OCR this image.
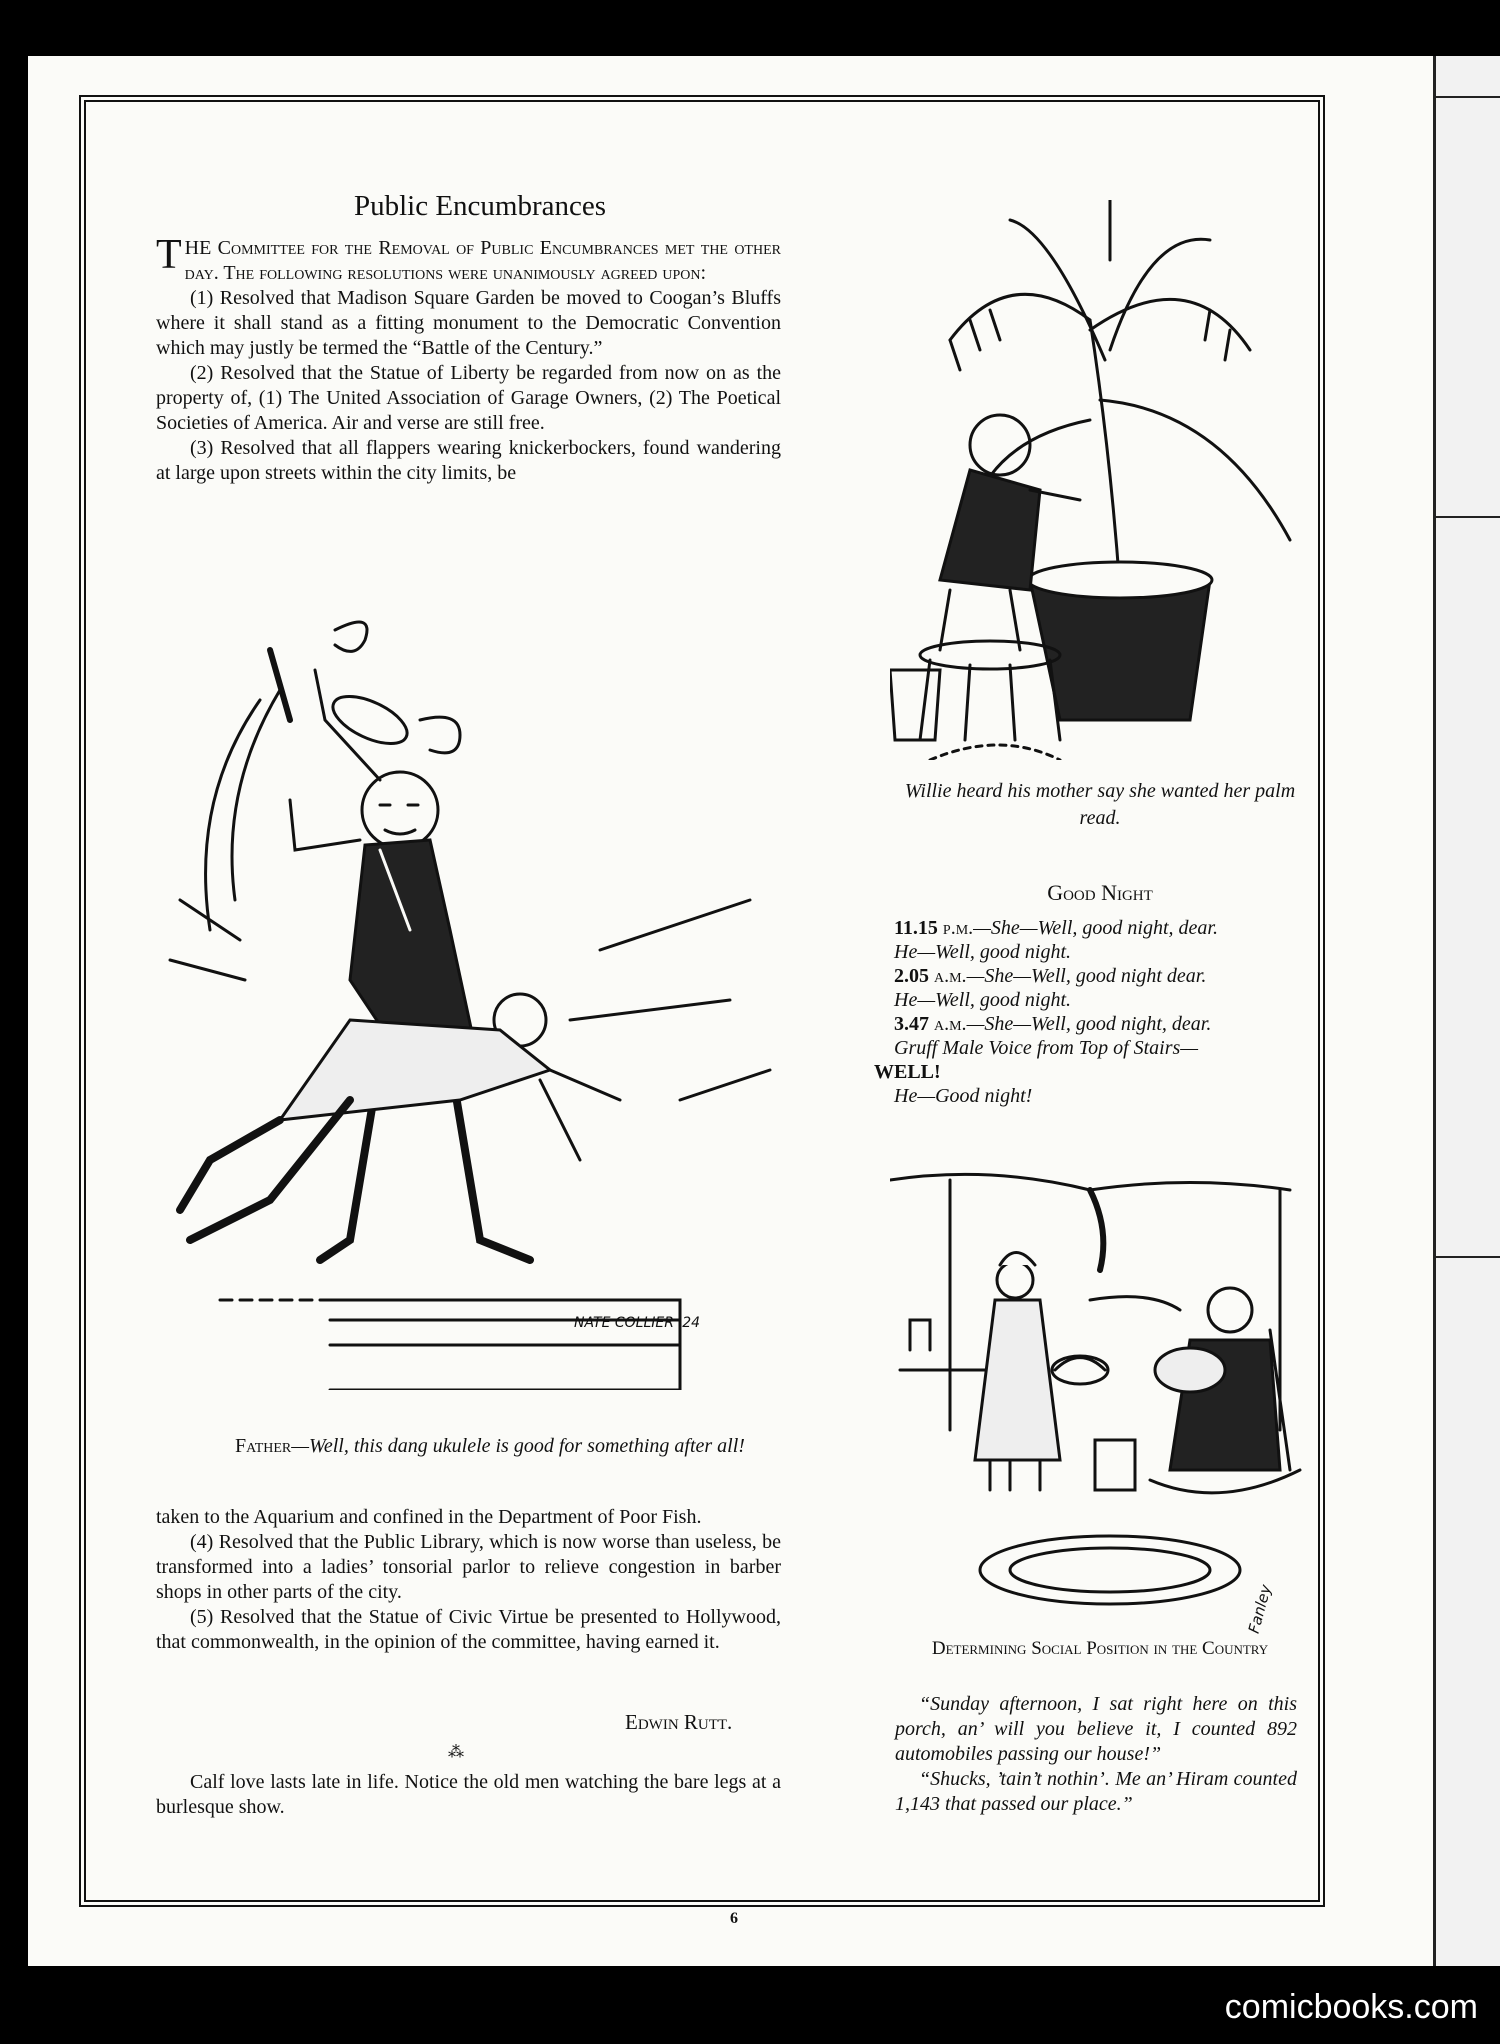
Public Encumbrances

THE Committee for the Removal of Public Encumbrances met the other day. The following resolutions were unanimously agreed upon:

(1) Resolved that Madison Square Garden be moved to Coogan’s Bluffs where it shall stand as a fitting monument to the Democratic Convention which may justly be termed the “Battle of the Century.”

(2) Resolved that the Statue of Liberty be regarded from now on as the property of, (1) The United Association of Garage Owners, (2) The Poetical Societies of America. Air and verse are still free.

(3) Resolved that all flappers wearing knickerbockers, found wandering at large upon streets within the city limits, be

NATE COLLIER '24
Father—Well, this dang ukulele is good for something after all!

taken to the Aquarium and confined in the Department of Poor Fish.

(4) Resolved that the Public Library, which is now worse than useless, be transformed into a ladies’ tonsorial parlor to relieve congestion in barber shops in other parts of the city.

(5) Resolved that the Statue of Civic Virtue be presented to Hollywood, that commonwealth, in the opinion of the committee, having earned it.

Edwin Rutt.
⁂

Calf love lasts late in life. Notice the old men watching the bare legs at a burlesque show.

Willie heard his mother say she wanted her palm read.
Good Night
11.15 p.m.—She—Well, good night, dear.
He—Well, good night.
2.05 a.m.—She—Well, good night dear.
He—Well, good night.
3.47 a.m.—She—Well, good night, dear.
Gruff Male Voice from Top of Stairs—
WELL!
He—Good night!
Fanley
Determining Social Position in the Country

“Sunday afternoon, I sat right here on this porch, an’ will you believe it, I counted 892 automobiles passing our house!”

“Shucks, ’tain’t nothin’. Me an’ Hiram counted 1,143 that passed our place.”

6
comicbooks.com
